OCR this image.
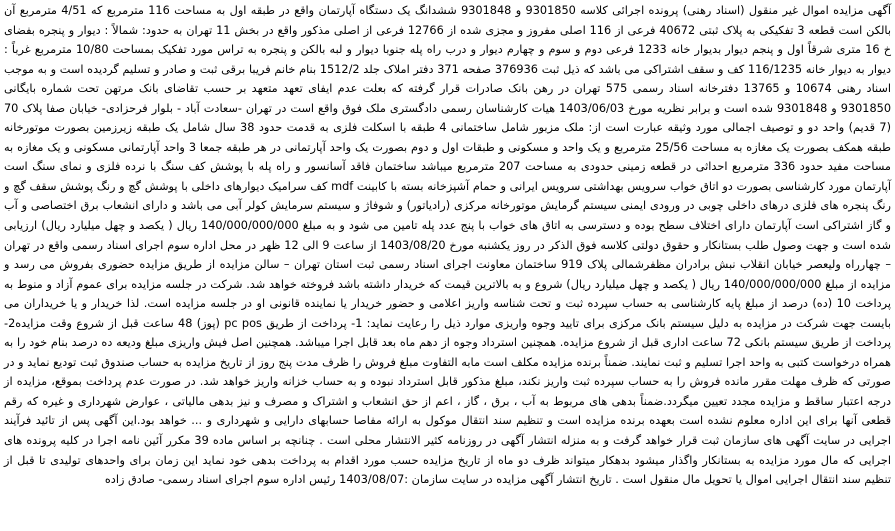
آگهی مزایده اموال غیر منقول (اسناد رهنی) پرونده اجرائی کلاسه 9301850 و 9301848 ششدانگ یک دستگاه آپارتمان واقع در طبقه اول به مساحت 116 مترمربع که 4/51 مترمربع آن بالکن است قطعه 3 تفکیکی به پلاک ثبتی 40672 فرعی از 116 اصلی مفروز و مجزی شده از 12766 فرعی از اصلی مذکور واقع در بخش 11 تهران به حدود: شمالاً : دیوار و پنجره بفضای خ 16 متری شرقاً اول و پنجم دیوار بدیوار خانه 1233 فرعی دوم و سوم و چهارم دیوار و درب راه پله جنوبا دیوار و لبه بالکن و پنجره به تراس مورد تفکیک بمساحت 10/80 مترمربع غرباً : دیوار به دیوار خانه 116/1235 کف و سقف اشتراکی می باشد که ذیل ثبت 376936 صفحه 371 دفتر املاک جلد 1512/2 بنام خانم فریبا برقی ثبت و صادر و تسلیم گردیده است و به موجب اسناد رهنی 10674 و 13765 دفترخانه اسناد رسمی 575 تهران در رهن بانک صادرات قرار گرفته که بعلت عدم ایفای تعهد متعهد بر حسب تقاضای بانک مرتهن تحت شماره بایگانی 9301850 و 9301848 شده است و برابر نظریه مورخ 1403/06/03 هیات کارشناسان رسمی دادگستری ملک فوق واقع است در تهران -سعادت آباد - بلوار فرحزادی- خیابان صفا پلاک 70 (7 قدیم) واحد دو و توصیف اجمالی مورد وثیقه عبارت است از: ملک مزبور شامل ساختمانی 4 طبقه با اسکلت فلزی به قدمت حدود 38 سال شامل یک طبقه زیرزمین بصورت موتورخانه طبقه همکف بصورت یک مغازه به مساحت 25/56 مترمربع و یک واحد و مسکونی و طبقات اول و دوم بصورت یک واحد آپارتمانی در هر طبقه جمعا 3 واحد آپارتمانی مسکونی و یک مغازه به مساحت مفید حدود 336 مترمربع احداثی در قطعه زمینی حدودی به مساحت 207 مترمربع میباشد ساختمان فاقد آسانسور و راه پله با پوشش کف سنگ با نرده فلزی و نمای سنگ است آپارتمان مورد کارشناسی بصورت دو اتاق خواب سرویس بهداشتی سرویس ایرانی و حمام آشپزخانه بسته با کابینت mdf کف سرامیک دیوارهای داخلی با پوشش گچ و رنگ پوشش سقف گچ و رنگ پنجره های فلزی درهای داخلی چوبی در ورودی ایمنی سیستم گرمایش موتورخانه مرکزی (رادیاتور) و شوفاژ و سیستم سرمایش کولر آبی می باشد و دارای انشعاب برق اختصاصی و آب و گاز اشتراکی است آپارتمان دارای اختلاف سطح بوده و دسترسی به اتاق های خواب با پنج عدد پله تامین می شود و به مبلغ 140/000/000/000 ریال ( یکصد و چهل میلیارد ریال) ارزیابی شده است و جهت وصول طلب بستانکار و حقوق دولتی کلاسه فوق الذکر در روز یکشنبه مورخ 1403/08/20 از ساعت 9 الی 12 ظهر در محل اداره سوم اجرای اسناد رسمی واقع در تهران – چهارراه ولیعصر خیابان انقلاب نبش برادران مظفرشمالی پلاک 919 ساختمان معاونت اجرای اسناد رسمی ثبت استان تهران – سالن مزایده از طریق مزایده حضوری بفروش می رسد و مزایده از مبلغ 140/000/000/000 ریال ( یکصد و چهل میلیارد ریال) شروع و به بالاترین قیمت که خریدار داشته باشد فروخته خواهد شد. شرکت در جلسه مزایده برای عموم آزاد و منوط به پرداخت 10 (ده) درصد از مبلغ پایه کارشناسی به حساب سپرده ثبت و تحت شناسه واریز اعلامی و حضور خریدار یا نماینده قانونی او در جلسه مزایده است. لذا خریدار و یا خریداران می بایست جهت شرکت در مزایده به دلیل سیستم بانک مرکزی برای تایید وجوه واریزی موارد ذیل را رعایت نماید: 1- پرداخت از طریق pc pos (پوز) 48 ساعت قبل از شروع وقت مزایده2- پرداخت از طریق سیستم بانکی 72 ساعت اداری قبل از شروع مزایده. همچنین استرداد وجوه از دهم ماه بعد قابل اجرا میباشد. همچنین اصل فیش واریزی مبلغ ودیعه ده درصد بنام خود را به همراه درخواست کتبی به واحد اجرا تسلیم و ثبت نمایند. ضمناً برنده مزایده مکلف است مابه التفاوت مبلغ فروش را ظرف مدت پنج روز از تاریخ مزایده به حساب صندوق ثبت تودیع نماید و در صورتی که ظرف مهلت مقرر مانده فروش را به حساب سپرده ثبت واریز نکند، مبلغ مذکور قابل استرداد نبوده و به حساب خزانه واریز خواهد شد. در صورت عدم پرداخت بموقع، مزایده از درجه اعتبار ساقط و مزایده مجدد تعیین میگردد.ضمناً بدهی های مربوط به آب ، برق ، گاز ، اعم از حق انشعاب و اشتراک و مصرف و نیز بدهی مالیاتی ، عوارض شهرداری و غیره که رقم قطعی آنها برای این اداره معلوم نشده است بعهده برنده مزایده است و تنظیم سند انتقال موکول به ارائه مفاصا حسابهای دارایی و شهرداری و ... خواهد بود.این آگهی پس از تائید فرآیند اجرایی در سایت آگهی های سازمان ثبت قرار خواهد گرفت و به منزله انتشار آگهی در روزنامه کثیر الانتشار محلی است . چنانچه بر اساس ماده 39 مکرر آئین نامه اجرا در کلیه پرونده های اجرایی که مال مورد مزایده به بستانکار واگذار میشود بدهکار میتواند ظرف دو ماه از تاریخ مزایده حسب مورد اقدام به پرداخت بدهی خود نماید این زمان برای واحدهای تولیدی تا قبل از تنظیم سند انتقال اجرایی اموال یا تحویل مال منقول است . تاریخ انتشار آگهی مزایده در سایت سازمان :1403/08/07 رئیس اداره سوم اجرای اسناد رسمی- صادق زاده
